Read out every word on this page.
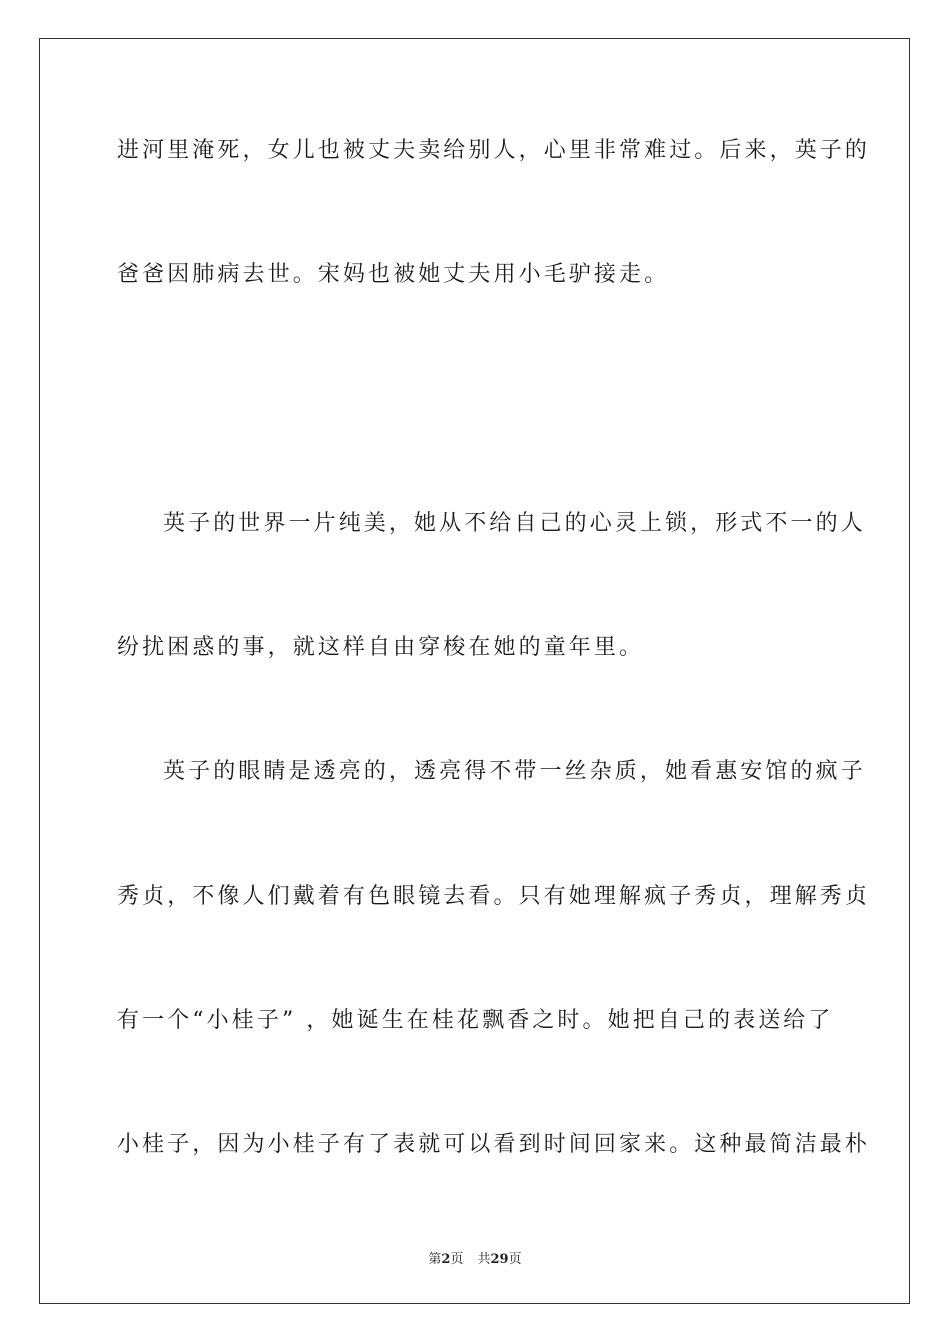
进河里淹死，女儿也被丈夫卖给别人，心里非常难过。后来，英子的
爸爸因肺病去世。宋妈也被她丈夫用小毛驴接走。
英子的世界一片纯美，她从不给自己的心灵上锁，形式不一的人
纷扰困惑的事，就这样自由穿梭在她的童年里。
英子的眼睛是透亮的，透亮得不带一丝杂质，她看惠安馆的疯子
秀贞，不像人们戴着有色眼镜去看。只有她理解疯子秀贞，理解秀贞
有一个“小桂子” ，她诞生在桂花飘香之时。她把自己的表送给了
小桂子，因为小桂子有了表就可以看到时间回家来。这种最简洁最朴
第2页 共29页
